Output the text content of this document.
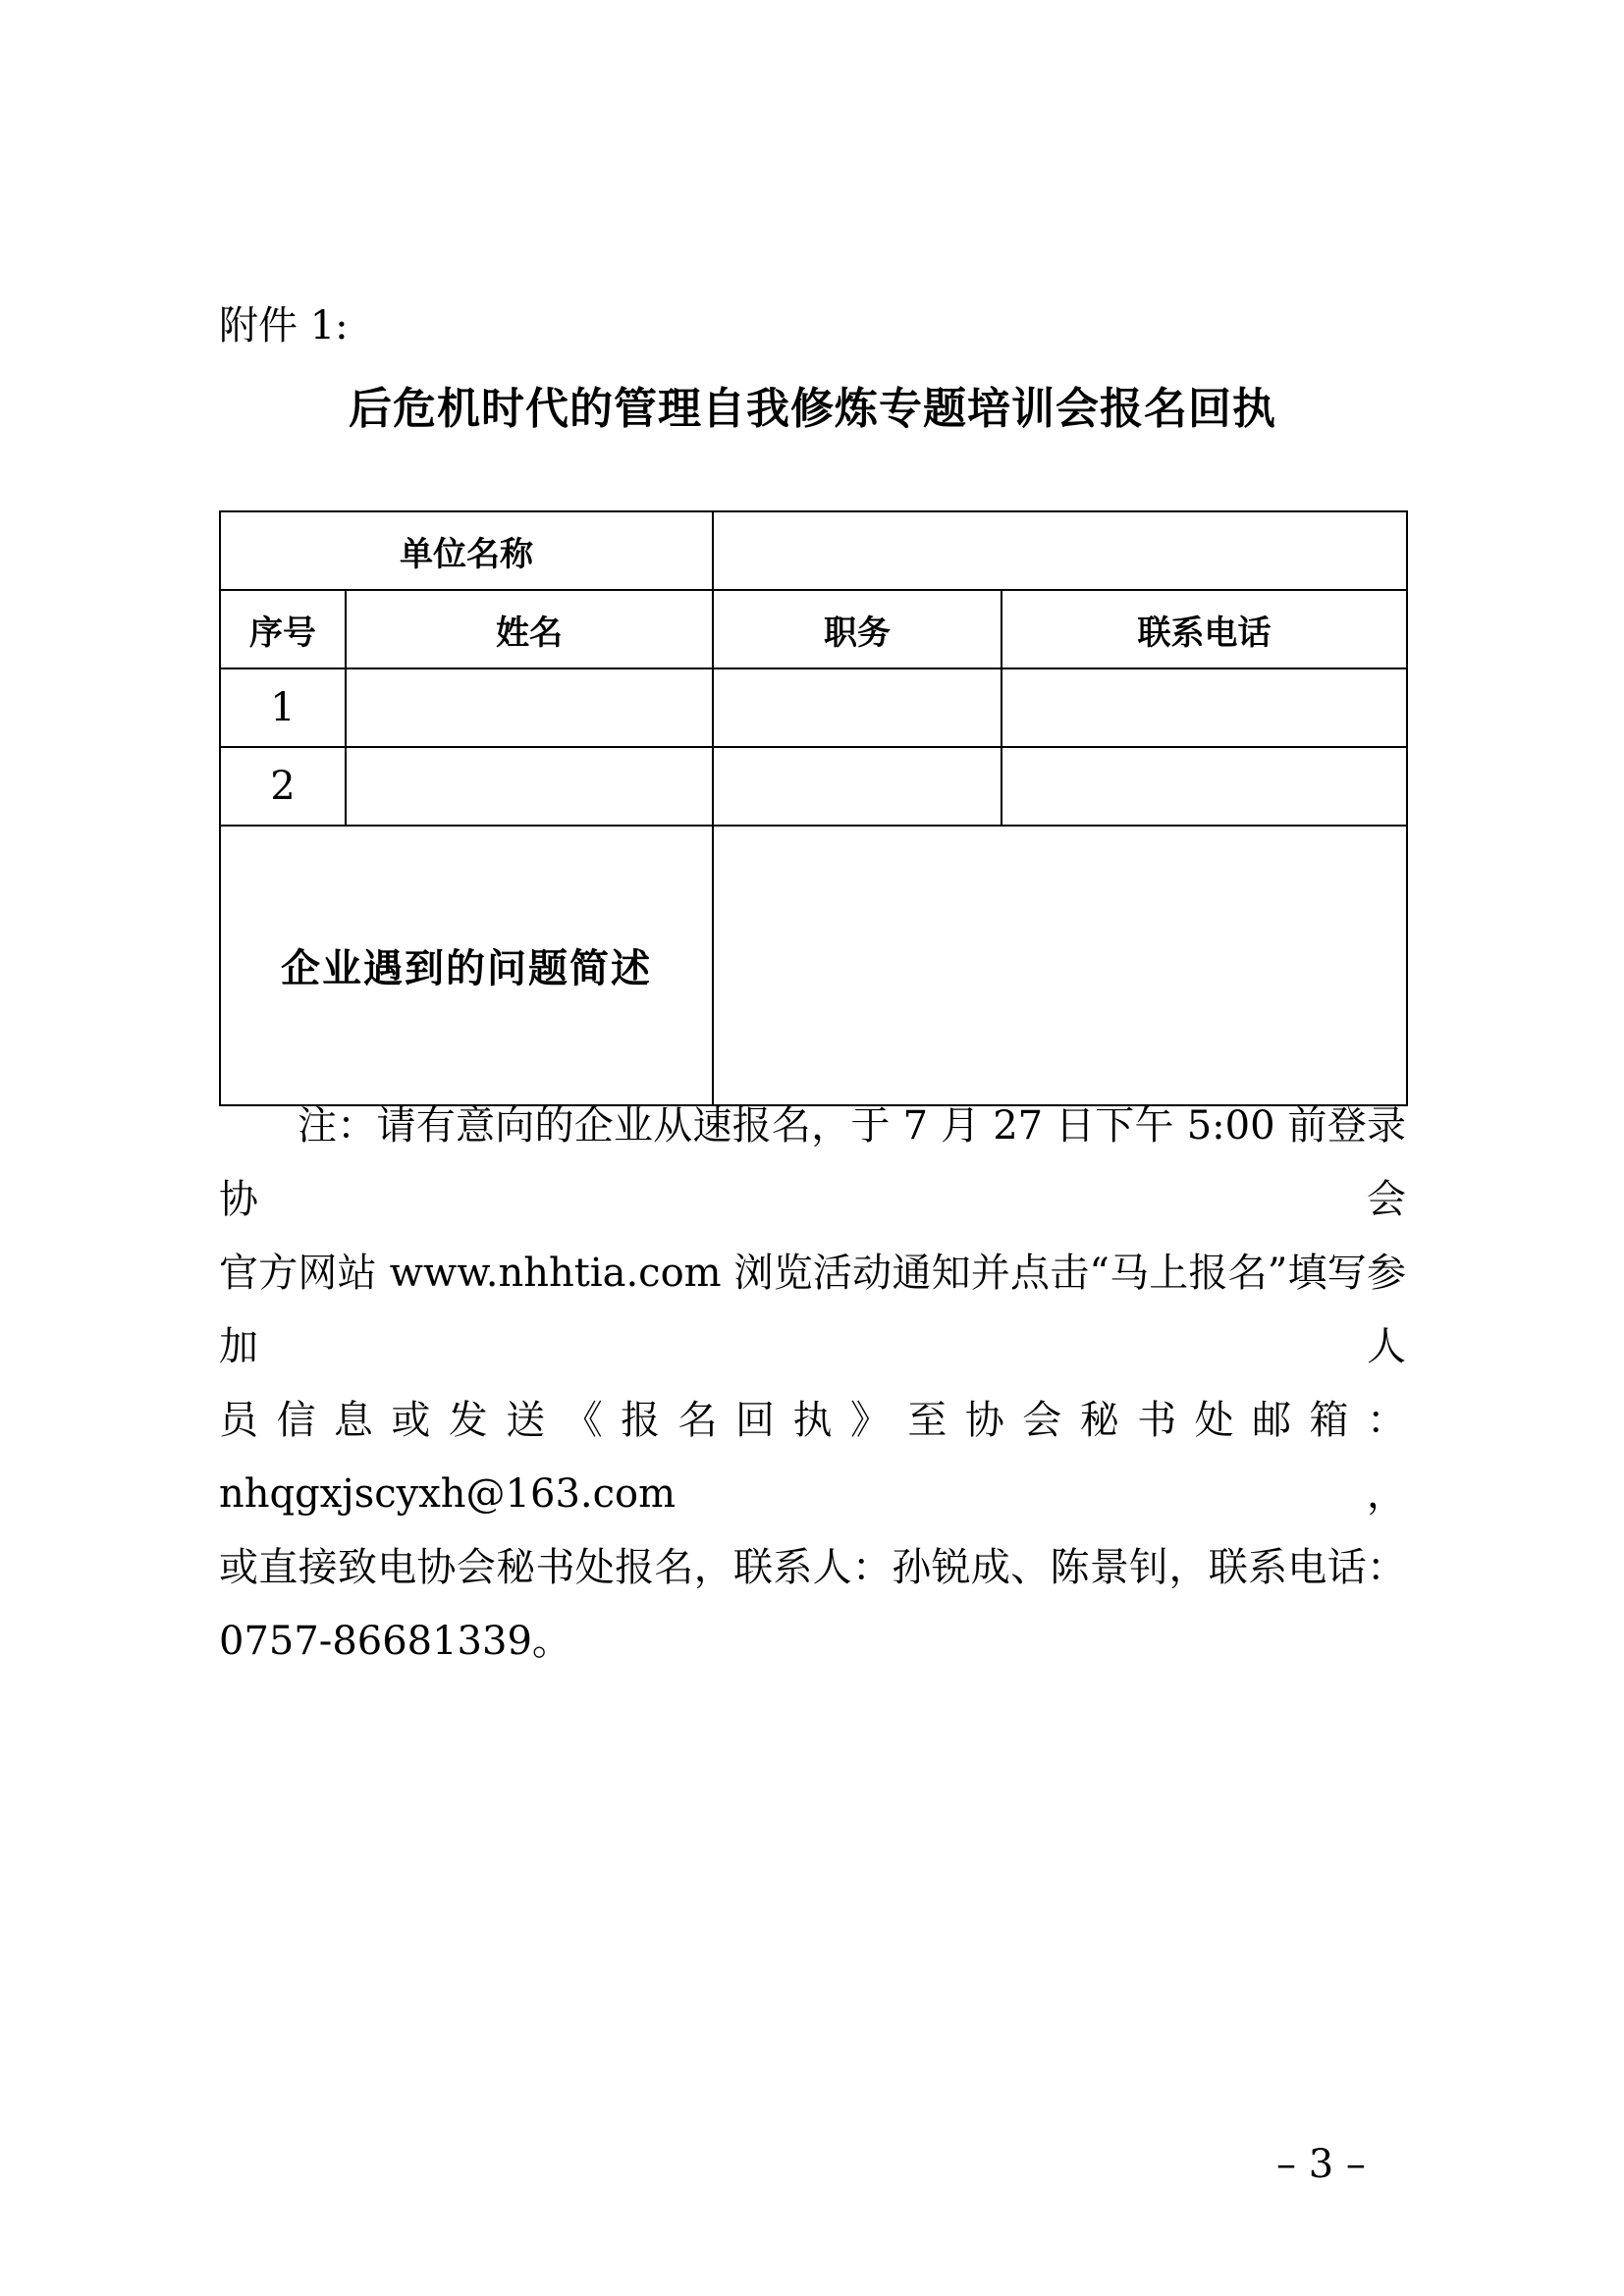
附件 1:
后危机时代的管理自我修炼专题培训会报名回执
单位名称			
序号	姓名	职务	联系电话
1			
2			
企业遇到的问题简述			
注：请有意向的企业从速报名，于 7 月 27 日下午 5:00 前登录协会
官方网站 www.nhhtia.com 浏览活动通知并点击“马上报名”填写参加人
员信息或发送《报名回执》至协会秘书处邮箱：nhqgxjscyxh@163.com，
或直接致电协会秘书处报名，联系人：孙锐成、陈景钊，联系电话：
0757-86681339。
– 3 –
